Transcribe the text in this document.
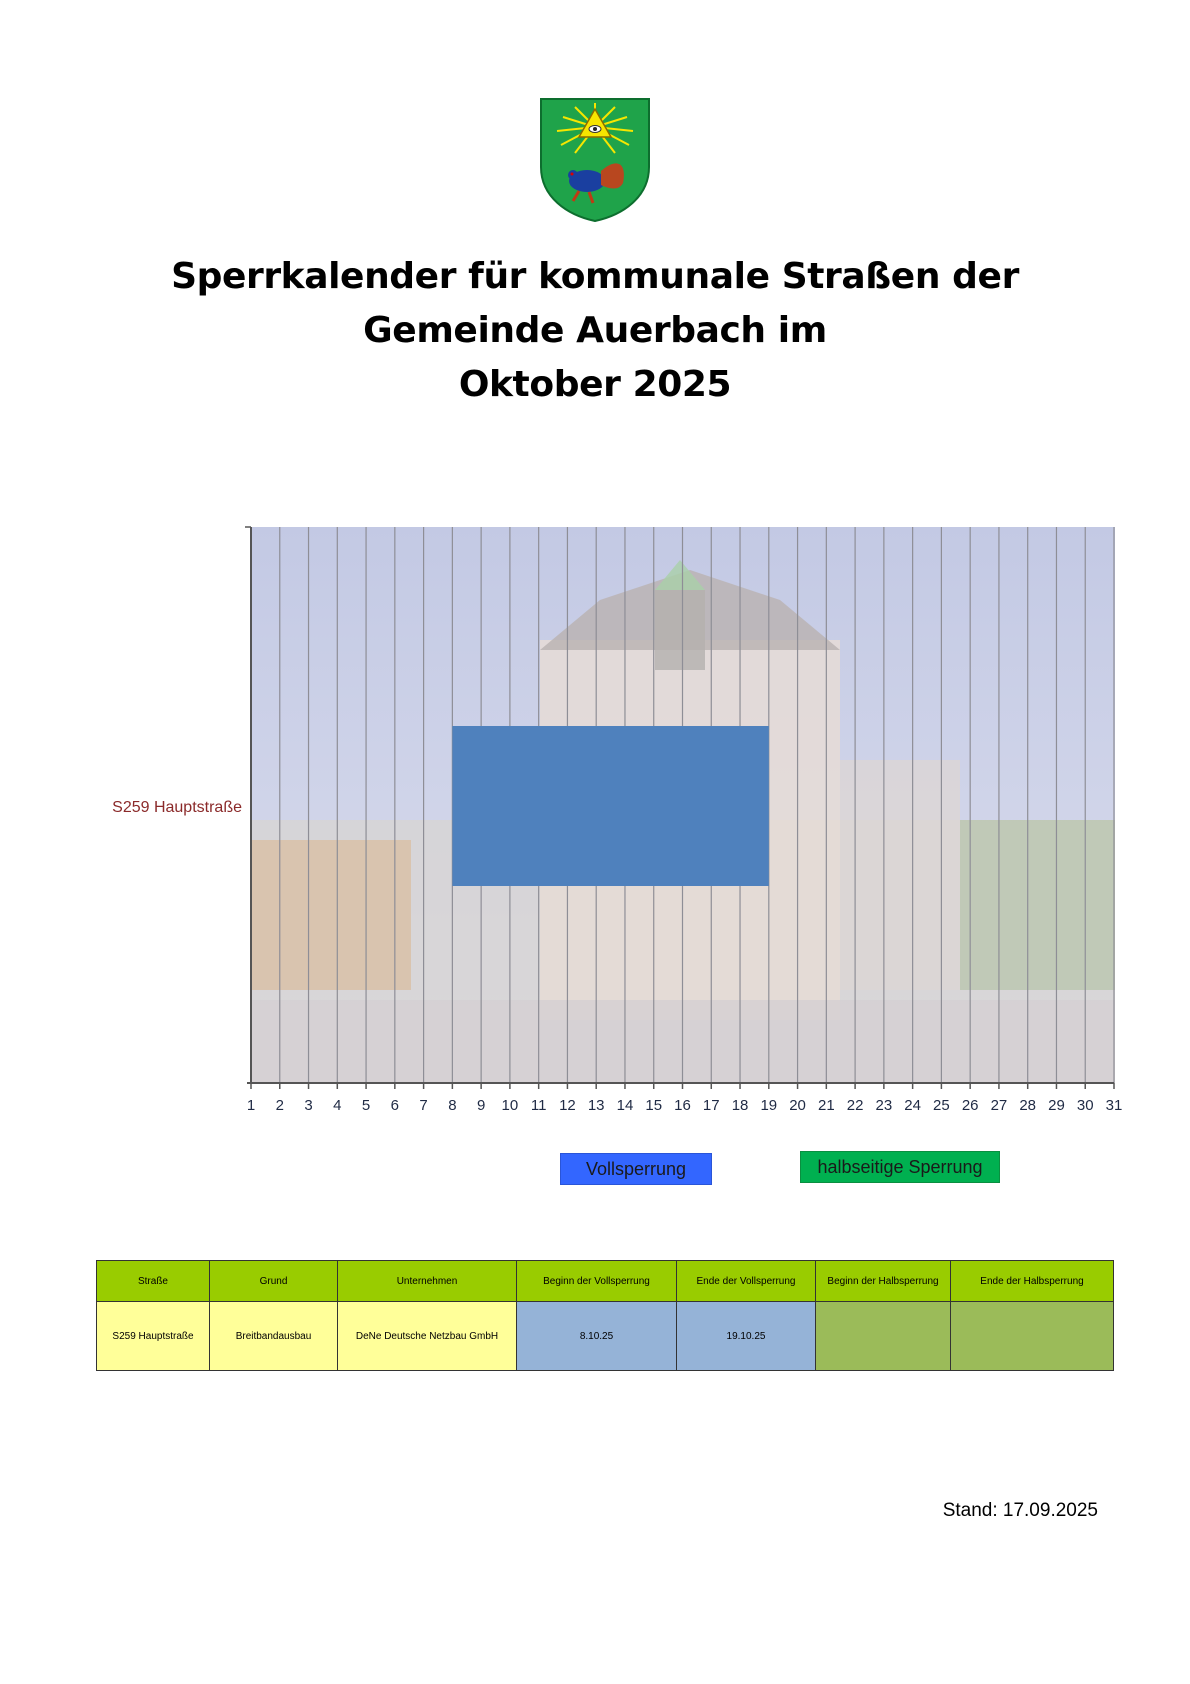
Sperrkalender für kommunale Straßen der
Gemeinde Auerbach im
Oktober 2025
1 2 3 4 5 6 7 8 9 10 11 12 13 14 15 16 17 18 19 20 21 22 23 24 25 26 27 28 29 30 31
S259 Hauptstraße
Vollsperrung	halbseitige Sperrung
Straße	Grund	Unternehmen	Beginn der Vollsperrung	Ende der Vollsperrung	Beginn der Halbsperrung	Ende der Halbsperrung
S259 Hauptstraße	Breitbandausbau	DeNe Deutsche Netzbau GmbH	8.10.25	19.10.25		
Stand: 17.09.2025
